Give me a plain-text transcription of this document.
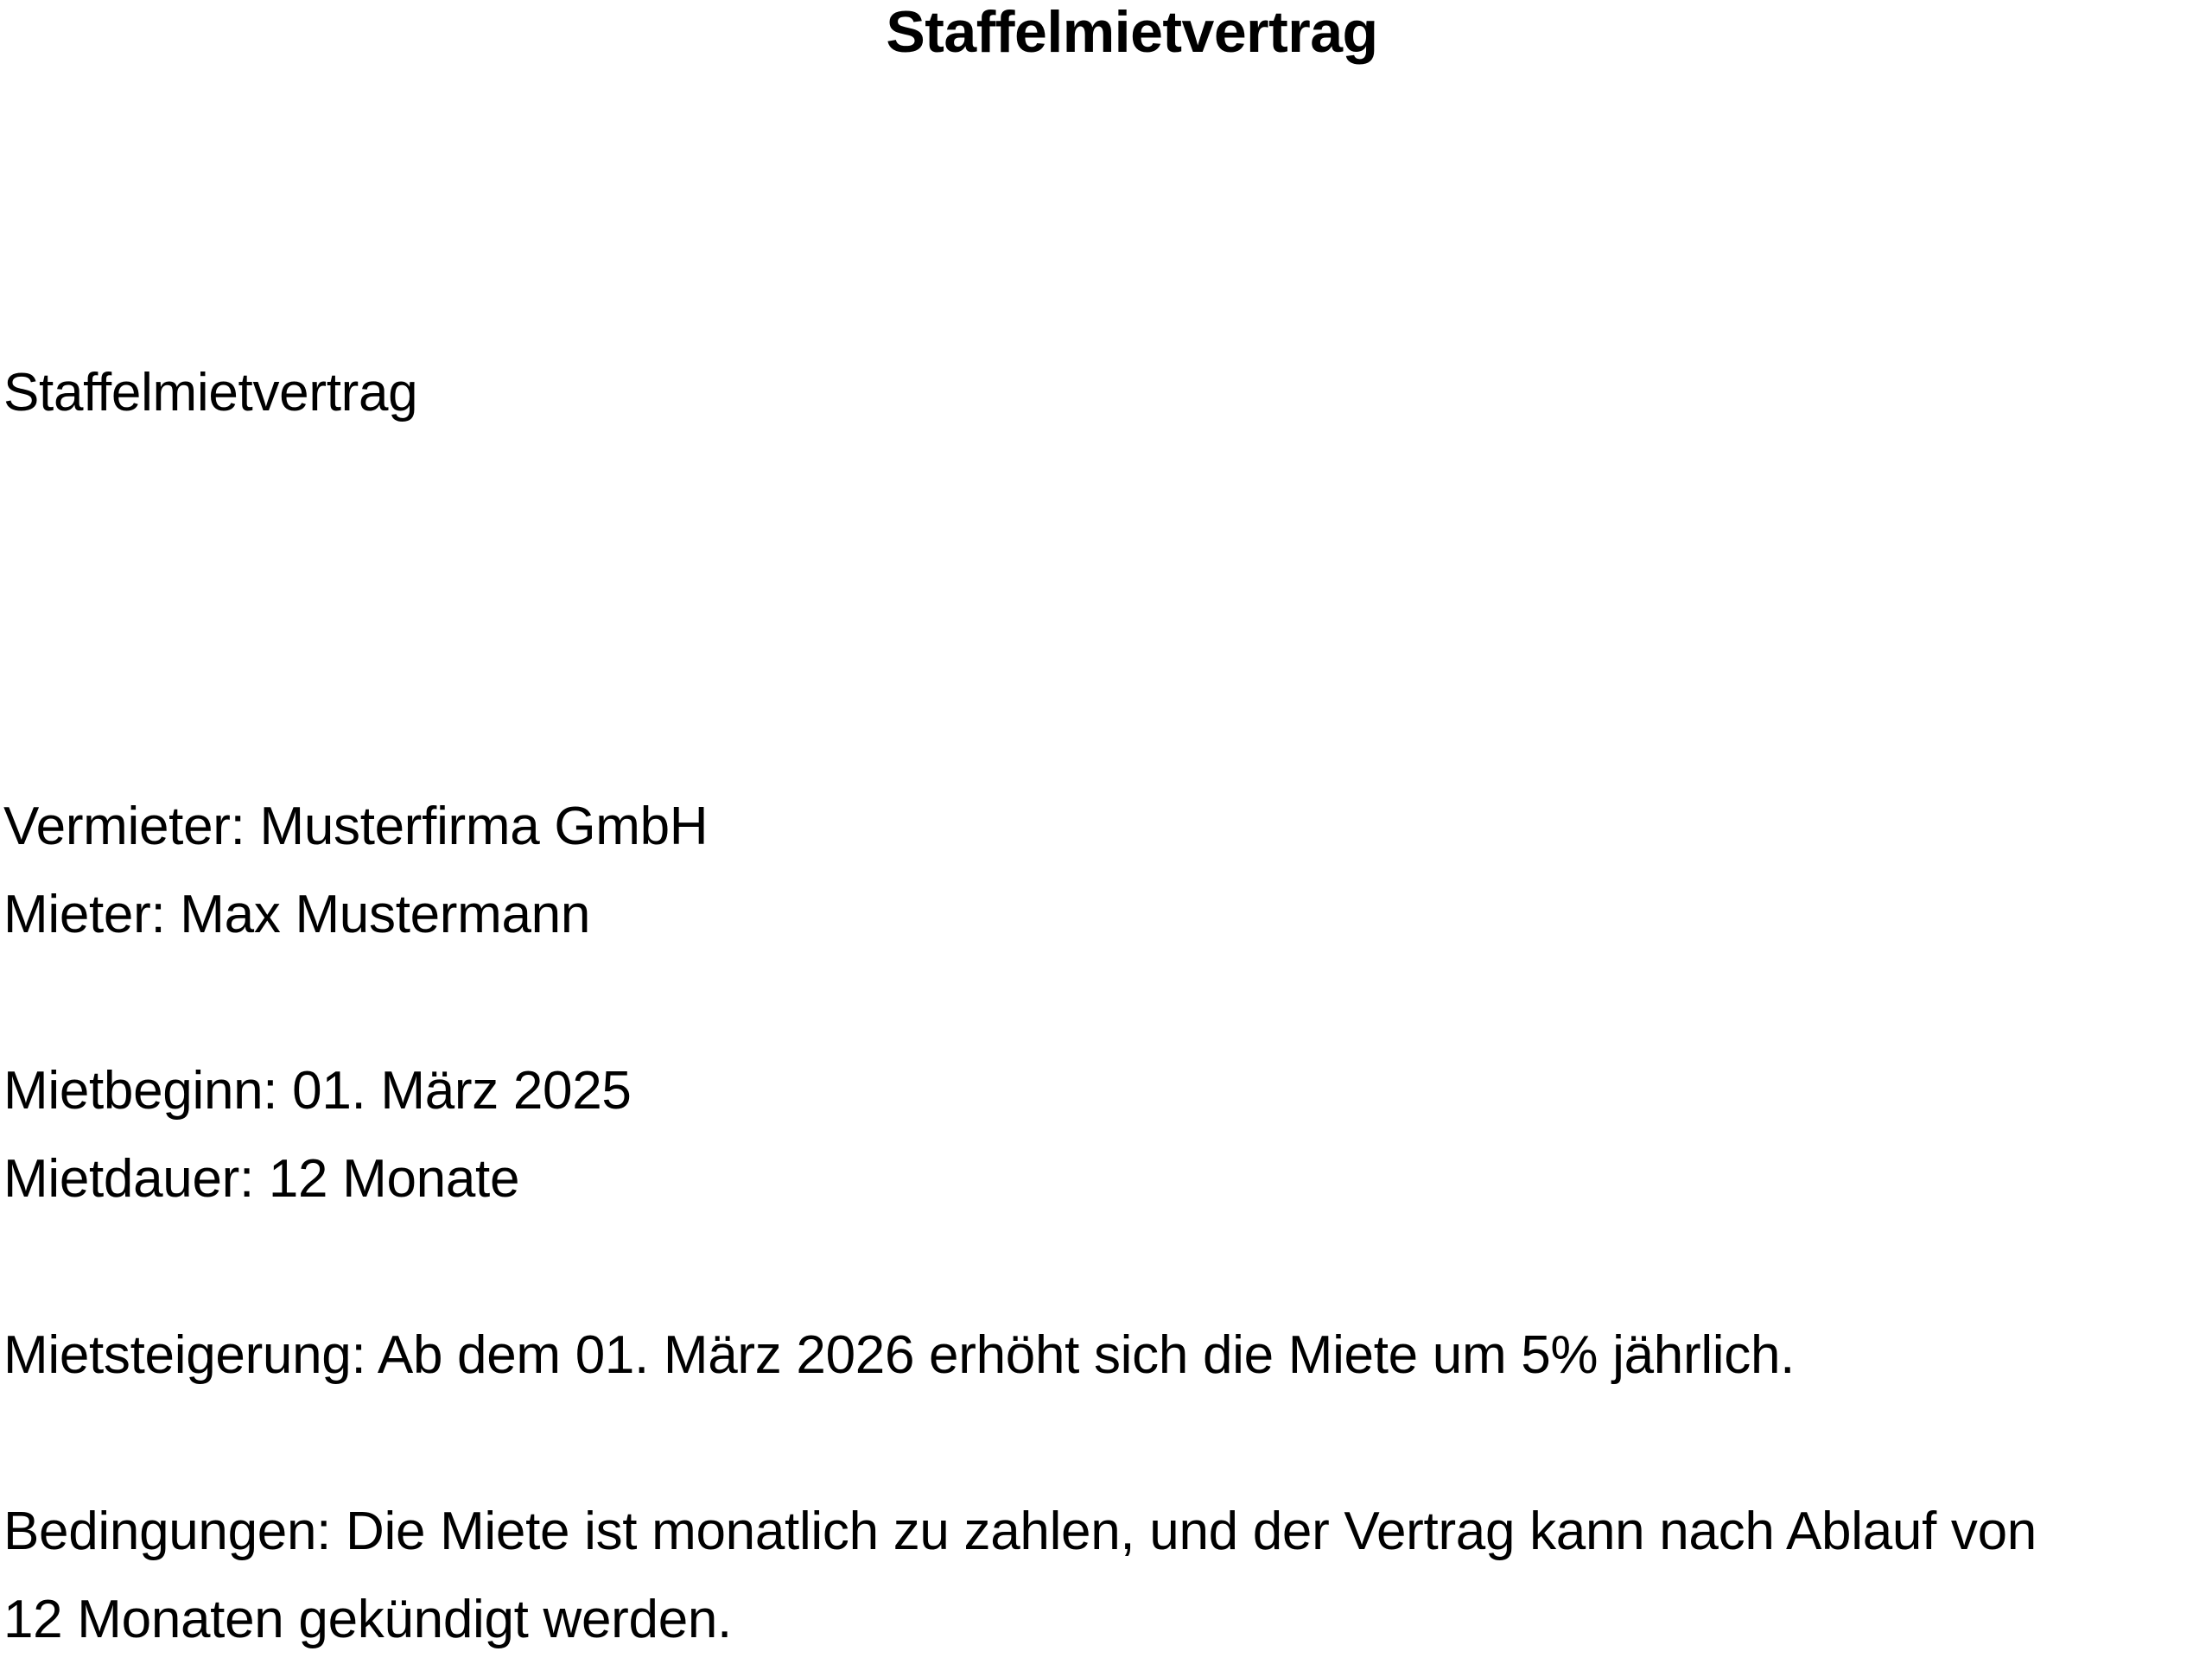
Staffelmietvertrag
Staffelmietvertrag
Vermieter: Musterfirma GmbH
Mieter: Max Mustermann
Mietbeginn: 01. März 2025
Mietdauer: 12 Monate
Mietsteigerung: Ab dem 01. März 2026 erhöht sich die Miete um 5% jährlich.
Bedingungen: Die Miete ist monatlich zu zahlen, und der Vertrag kann nach Ablauf von
12 Monaten gekündigt werden.
